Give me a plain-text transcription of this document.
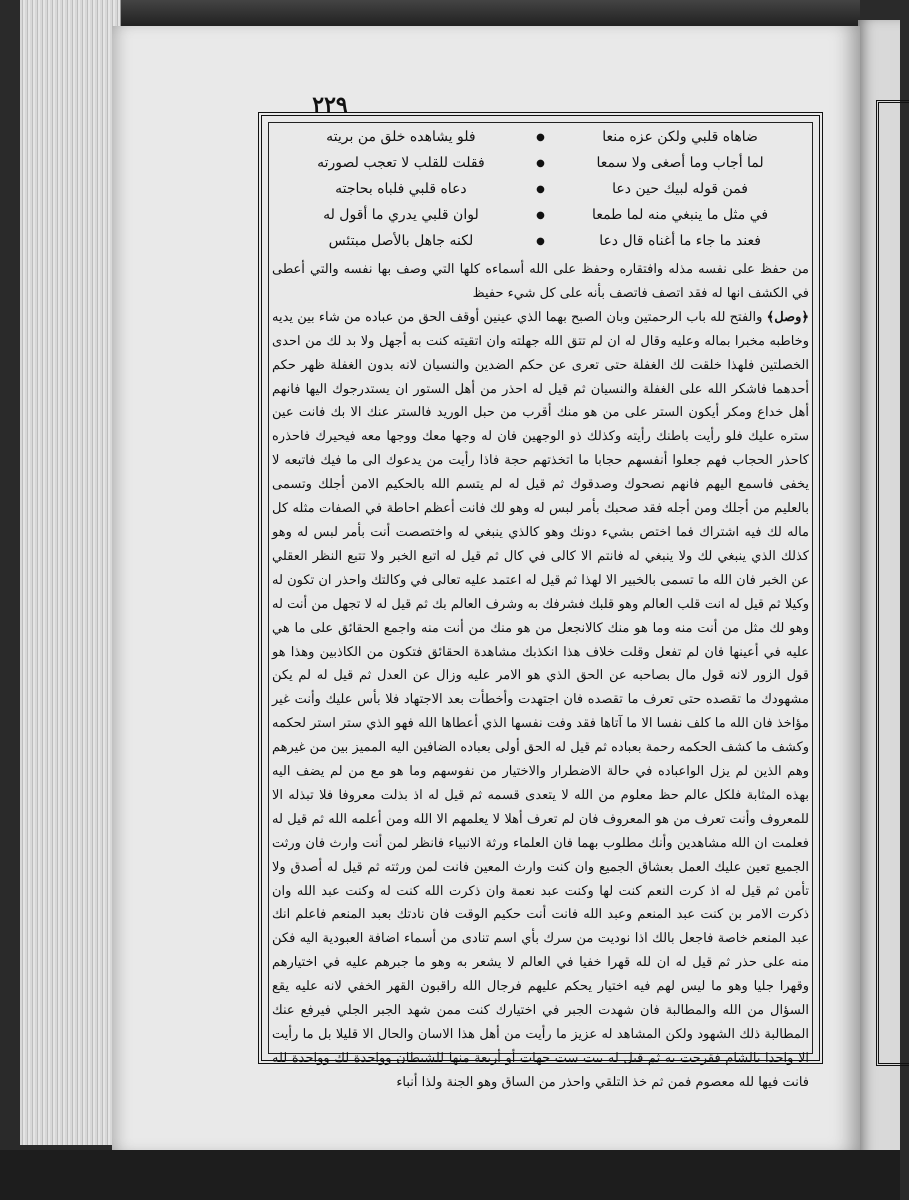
٢٢٩
فلو يشاهده خلق من بريته	●	ضاهاه قلبي ولكن عزه منعا
فقلت للقلب لا تعجب لصورته	●	لما أجاب وما أصغى ولا سمعا
دعاه قلبي فلباه بحاجته	●	فمن قوله لبيك حين دعا
لوان قلبي يدري ما أقول له	●	في مثل ما ينبغي منه لما طمعا
لكنه جاهل بالأصل مبتئس	●	فعند ما جاء ما أغناه قال دعا

من حفظ على نفسه مذله وافتقاره وحفظ على الله أسماءه كلها التي وصف بها نفسه والتي أعطى في الكشف انها له فقد اتصف فاتصف بأنه على كل شيء حفيظ

﴿وصل﴾ والفتح لله باب الرحمتين وبان الصبح بهما الذي عينين أوقف الحق من عباده من شاء بين يديه وخاطبه مخبرا بماله وعليه وقال له ان لم تتق الله جهلته وان اتقيته كنت به أجهل ولا بد لك من احدى الخصلتين فلهذا خلقت لك الغفلة حتى تعرى عن حكم الضدين والنسيان لانه بدون الغفلة ظهر حكم أحدهما فاشكر الله على الغفلة والنسيان ثم قيل له احذر من أهل الستور ان يستدرجوك اليها فانهم أهل خداع ومكر أيكون الستر على من هو منك أقرب من حبل الوريد فالستر عنك الا بك فانت عين ستره عليك فلو رأيت باطنك رأيته وكذلك ذو الوجهين فان له وجها معك ووجها معه فيحيرك فاحذره كاحذر الحجاب فهم جعلوا أنفسهم حجابا ما اتخذتهم حجة فاذا رأيت من يدعوك الى ما فيك فاتبعه لا يخفى فاسمع اليهم فانهم نصحوك وصدقوك ثم قيل له لم يتسم الله بالحكيم الامن أجلك وتسمى بالعليم من أجلك ومن أجله فقد صحبك بأمر لبس له وهو لك فانت أعظم احاطة في الصفات مثله كل ماله لك فيه اشتراك فما اختص بشيء دونك وهو كالذي ينبغي له واختصصت أنت بأمر لبس له وهو كذلك الذي ينبغي لك ولا ينبغي له فانتم الا كالى في كال ثم قيل له اتبع الخبر ولا تتبع النظر العقلي عن الخبر فان الله ما تسمى بالخبير الا لهذا ثم قيل له اعتمد عليه تعالى في وكالتك واحذر ان تكون له وكيلا ثم قيل له انت قلب العالم وهو قلبك فشرفك به وشرف العالم بك ثم قيل له لا تجهل من أنت له وهو لك مثل من أنت منه وما هو منك كالانجعل من هو منك من أنت منه واجمع الحقائق على ما هي عليه في أعينها فان لم تفعل وقلت خلاف هذا انكذبك مشاهدة الحقائق فتكون من الكاذبين وهذا هو قول الزور لانه قول مال بصاحبه عن الحق الذي هو الامر عليه وزال عن العدل ثم قيل له لم يكن مشهودك ما تقصده حتى تعرف ما تقصده فان اجتهدت وأخطأت بعد الاجتهاد فلا بأس عليك وأنت غير مؤاخذ فان الله ما كلف نفسا الا ما آتاها فقد وفت نفسها الذي أعطاها الله فهو الذي ستر استر لحكمه وكشف ما كشف الحكمه رحمة بعباده ثم قيل له الحق أولى بعباده الضافين اليه المميز بين من غيرهم وهم الذين لم يزل الواعباده في حالة الاضطرار والاختيار من نفوسهم وما هو مع من لم يضف اليه بهذه المثابة فلكل عالم حظ معلوم من الله لا يتعدى قسمه ثم قيل له اذ بذلت معروفا فلا تبذله الا للمعروف وأنت تعرف من هو المعروف فان لم تعرف أهلا لا يعلمهم الا الله ومن أعلمه الله ثم قيل له فعلمت ان الله مشاهدين وأنك مطلوب بهما فان العلماء ورثة الانبياء فانظر لمن أنت وارث فان ورثت الجميع تعين عليك العمل بعشاق الجميع وان كنت وارث المعين فانت لمن ورثته ثم قيل له أصدق ولا تأمن ثم قيل له اذ كرت النعم كنت لها وكنت عبد نعمة وان ذكرت الله كنت له وكنت عبد الله وان ذكرت الامر بن كنت عبد المنعم وعبد الله فانت أنت حكيم الوقت فان نادتك بعبد المنعم فاعلم انك عبد المنعم خاصة فاجعل بالك اذا نوديت من سرك بأي اسم تنادى من أسماء اضافة العبودية اليه فكن منه على حذر ثم قيل له ان لله قهرا خفيا في العالم لا يشعر به وهو ما جبرهم عليه في اختيارهم وقهرا جليا وهو ما ليس لهم فيه اختيار يحكم عليهم فرجال الله راقبون القهر الخفي لانه عليه يقع السؤال من الله والمطالبة فان شهدت الجبر في اختيارك كنت ممن شهد الجبر الجلي فيرفع عنك المطالبة ذلك الشهود ولكن المشاهد له عزيز ما رأيت من أهل هذا الاسان والحال الا قليلا بل ما رأيت الا واحدا بالشام فقرحت به ثم قيل له بيت ست جهات أو أربعة منها للشيطان وواحدة لك وواحدة لله فانت فيها لله معصوم فمن ثم خذ التلقي واحذر من الساق وهو الجنة ولذا أنباء
